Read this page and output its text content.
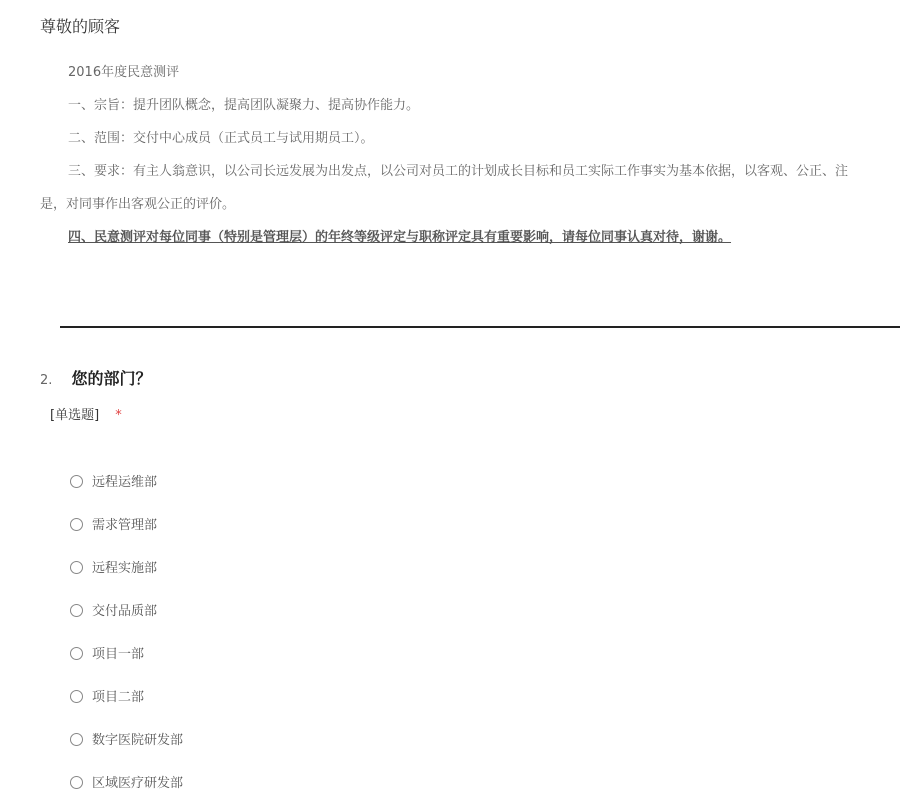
尊敬的顾客

2016年度民意测评

一、宗旨：提升团队概念，提高团队凝聚力、提高协作能力。

二、范围：交付中心成员（正式员工与试用期员工）。

三、要求：有主人翁意识，以公司长远发展为出发点，以公司对员工的计划成长目标和员工实际工作事实为基本依据，以客观、公正、注

是，对同事作出客观公正的评价。

四、民意测评对每位同事（特别是管理层）的年终等级评定与职称评定具有重要影响，请每位同事认真对待，谢谢。

2. 您的部门？
[单选题] *
远程运维部
需求管理部
远程实施部
交付品质部
项目一部
项目二部
数字医院研发部
区域医疗研发部
